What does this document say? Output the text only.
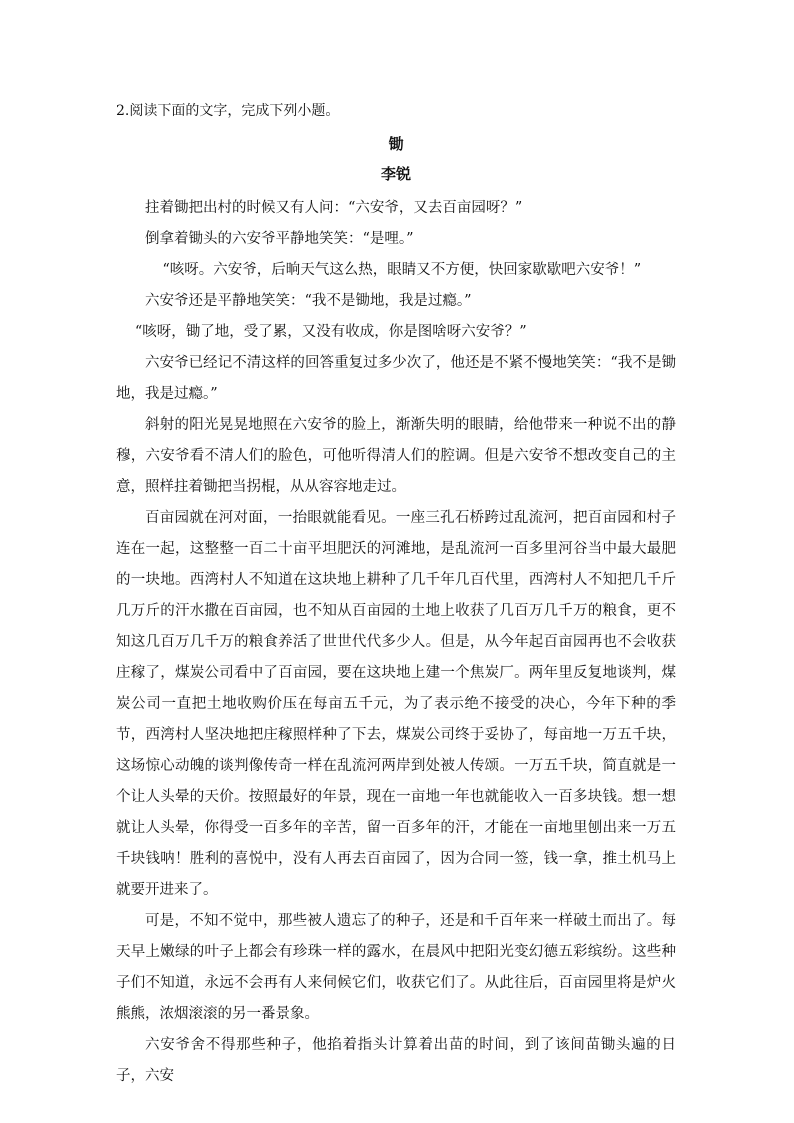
2.阅读下面的文字，完成下列小题。

锄
李锐

拄着锄把出村的时候又有人问：“六安爷，又去百亩园呀？”

倒拿着锄头的六安爷平静地笑笑：“是哩。”

“咳呀。六安爷，后晌天气这么热，眼睛又不方便，快回家歇歇吧六安爷！”

六安爷还是平静地笑笑：“我不是锄地，我是过瘾。”

“咳呀，锄了地，受了累，又没有收成，你是图啥呀六安爷？”

六安爷已经记不清这样的回答重复过多少次了，他还是不紧不慢地笑笑：“我不是锄地，我是过瘾。”

斜射的阳光晃晃地照在六安爷的脸上，渐渐失明的眼睛，给他带来一种说不出的静穆，六安爷看不清人们的脸色，可他听得清人们的腔调。但是六安爷不想改变自己的主意，照样拄着锄把当拐棍，从从容容地走过。

百亩园就在河对面，一抬眼就能看见。一座三孔石桥跨过乱流河，把百亩园和村子连在一起，这整整一百二十亩平坦肥沃的河滩地，是乱流河一百多里河谷当中最大最肥的一块地。西湾村人不知道在这块地上耕种了几千年几百代里，西湾村人不知把几千斤几万斤的汗水撒在百亩园，也不知从百亩园的土地上收获了几百万几千万的粮食，更不知这几百万几千万的粮食养活了世世代代多少人。但是，从今年起百亩园再也不会收获庄稼了，煤炭公司看中了百亩园，要在这块地上建一个焦炭厂。两年里反复地谈判，煤炭公司一直把土地收购价压在每亩五千元，为了表示绝不接受的决心，今年下种的季节，西湾村人坚决地把庄稼照样种了下去，煤炭公司终于妥协了，每亩地一万五千块，这场惊心动魄的谈判像传奇一样在乱流河两岸到处被人传颂。一万五千块，简直就是一个让人头晕的天价。按照最好的年景，现在一亩地一年也就能收入一百多块钱。想一想就让人头晕，你得受一百多年的辛苦，留一百多年的汗，才能在一亩地里刨出来一万五千块钱呐！胜利的喜悦中，没有人再去百亩园了，因为合同一签，钱一拿，推土机马上就要开进来了。

可是，不知不觉中，那些被人遗忘了的种子，还是和千百年来一样破土而出了。每天早上嫩绿的叶子上都会有珍珠一样的露水，在晨风中把阳光变幻德五彩缤纷。这些种子们不知道，永远不会再有人来伺候它们，收获它们了。从此往后，百亩园里将是炉火熊熊，浓烟滚滚的另一番景象。

六安爷舍不得那些种子，他掐着指头计算着出苗的时间，到了该间苗锄头遍的日子，六安
